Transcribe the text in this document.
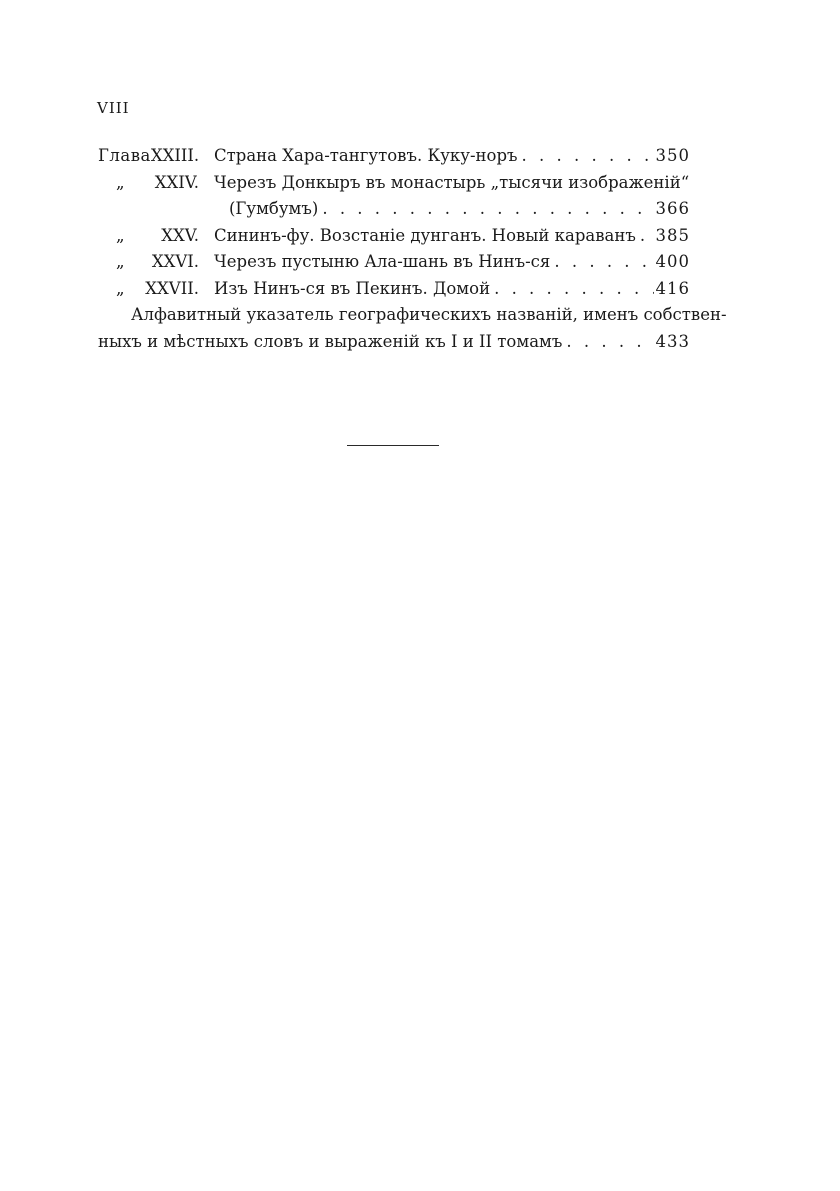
VIII
Глава XXIII. Страна Хара-тангутовъ. Куку-норъ . . .	350
„	XXIV. Черезъ Донкыръ въ монастырь „тысячи изображеній“
(Гумбумъ) . . .	366
„	XXV. Сининъ-фу. Возстаніе дунганъ. Новый караванъ . . . 385
„	XXVI. Черезъ пустыню Ала-шань въ Нинъ-ся . . .	400
„	XXVII. Изъ Нинъ-ся въ Пекинъ. Домой . . .	416
Алфавитный указатель географическихъ названій, именъ собствен-
ныхъ и мѣстныхъ словъ и выраженій къ I и II томамъ . . .	433
